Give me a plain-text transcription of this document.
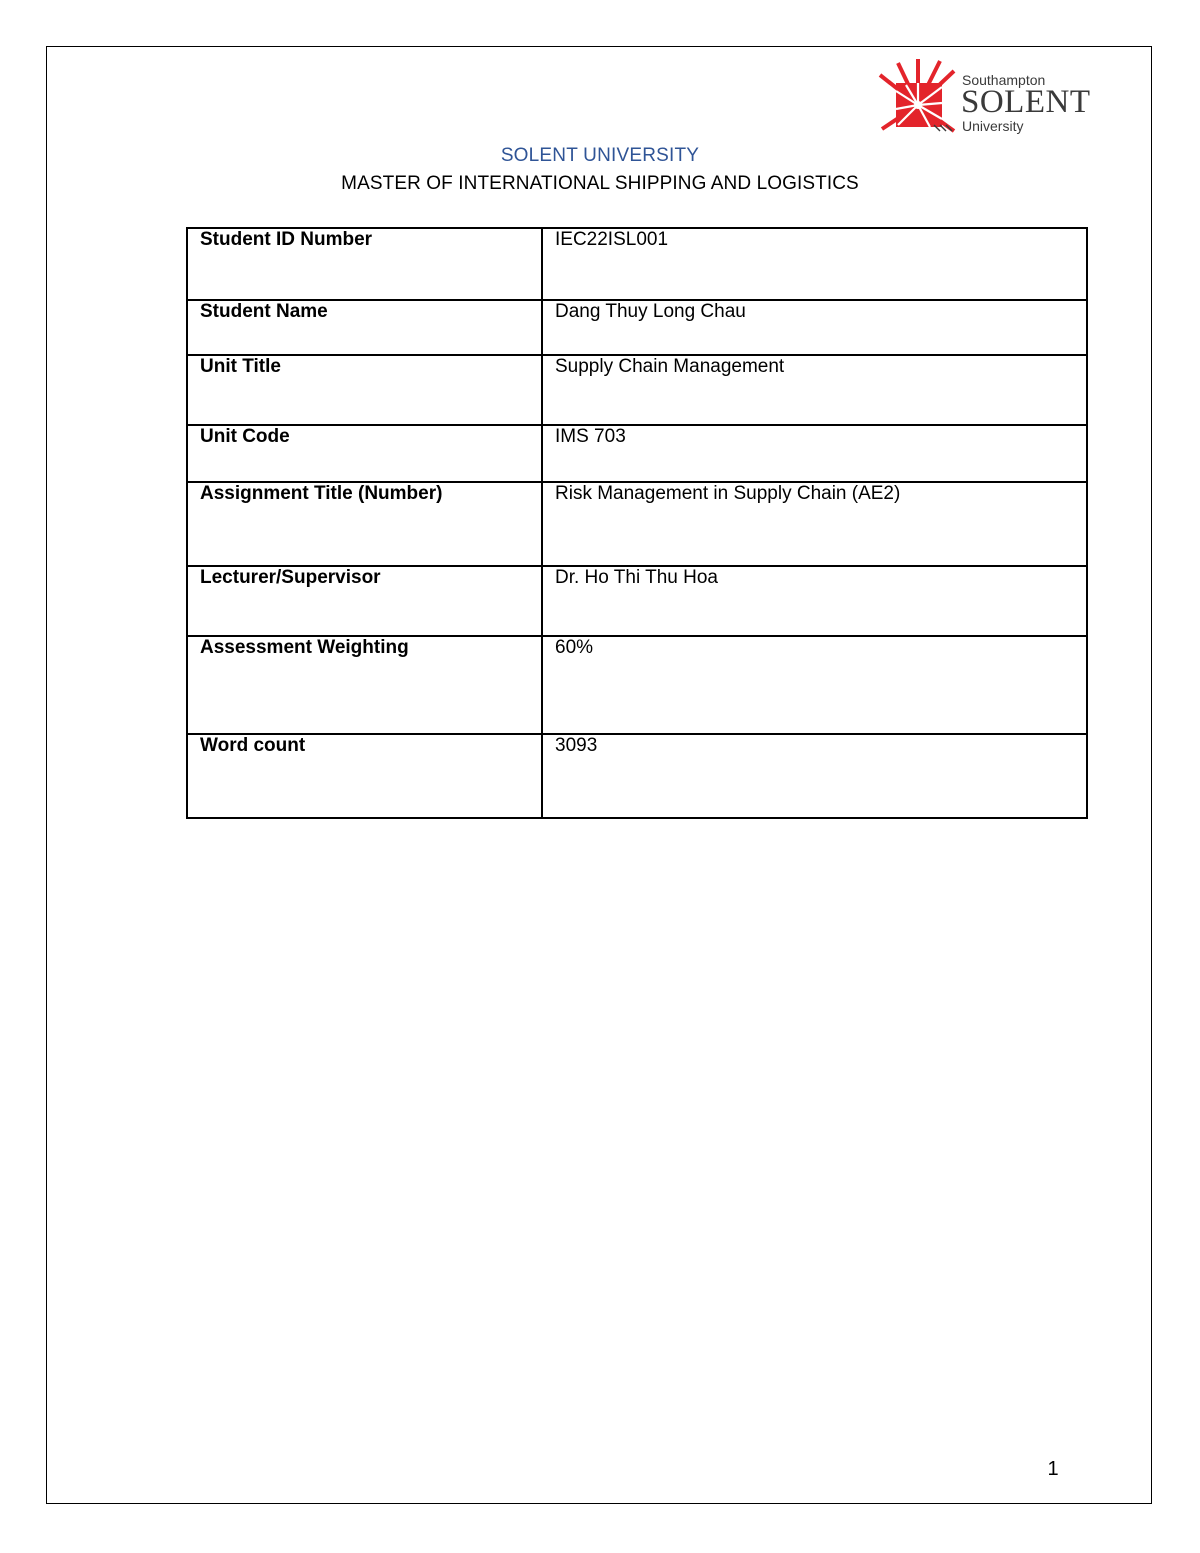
Southampton
SOLENT
University
SOLENT UNIVERSITY
MASTER OF INTERNATIONAL SHIPPING AND LOGISTICS
Student ID Number	IEC22ISL001

Student Name	Dang Thuy Long Chau

Unit Title	Supply Chain Management

Unit Code	IMS 703

Assignment Title (Number)	Risk Management in Supply Chain (AE2)

Lecturer/Supervisor	Dr. Ho Thi Thu Hoa

Assessment Weighting	60%

Word count	3093
1
